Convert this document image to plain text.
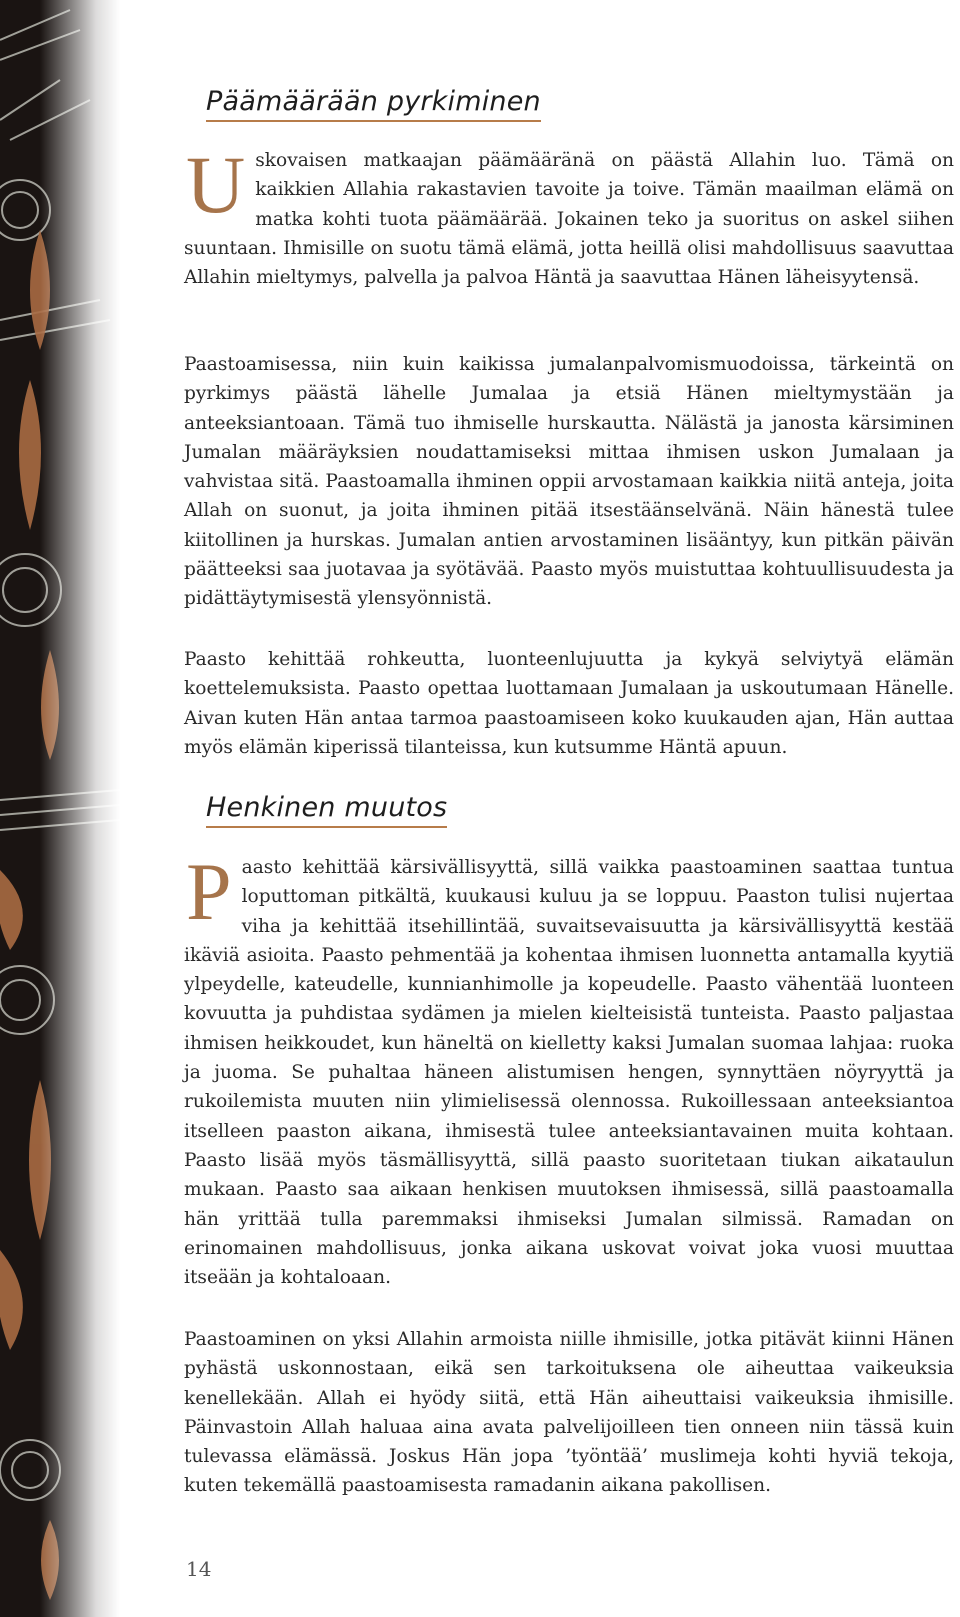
Päämäärään pyrkiminen

Uskovaisen matkaajan päämääränä on päästä Allahin luo. Tämä on kaikkien Allahia rakastavien tavoite ja toive. Tämän maailman elämä on matka kohti tuota päämäärää. Jokainen teko ja suoritus on askel siihen suuntaan. Ihmisille on suotu tämä elämä, jotta heillä olisi mahdollisuus saavuttaa Allahin mieltymys, palvella ja palvoa Häntä ja saavuttaa Hänen läheisyytensä.

Paastoamisessa, niin kuin kaikissa jumalanpalvomismuodoissa, tärkeintä on pyrkimys päästä lähelle Jumalaa ja etsiä Hänen mieltymystään ja anteeksiantoaan. Tämä tuo ihmiselle hurskautta. Nälästä ja janosta kärsiminen Jumalan määräyksien noudattamiseksi mittaa ihmisen uskon Jumalaan ja vahvistaa sitä. Paastoamalla ihminen oppii arvostamaan kaikkia niitä anteja, joita Allah on suonut, ja joita ihminen pitää itsestäänselvänä. Näin hänestä tulee kiitollinen ja hurskas. Jumalan antien arvostaminen lisääntyy, kun pitkän päivän päätteeksi saa juotavaa ja syötävää. Paasto myös muistuttaa kohtuullisuudesta ja pidättäytymisestä ylensyönnistä.

Paasto kehittää rohkeutta, luonteenlujuutta ja kykyä selviytyä elämän koettelemuksista. Paasto opettaa luottamaan Jumalaan ja uskoutumaan Hänelle. Aivan kuten Hän antaa tarmoa paastoamiseen koko kuukauden ajan, Hän auttaa myös elämän kiperissä tilanteissa, kun kutsumme Häntä apuun.

Henkinen muutos

Paasto kehittää kärsivällisyyttä, sillä vaikka paastoaminen saattaa tuntua loputtoman pitkältä, kuukausi kuluu ja se loppuu. Paaston tulisi nujertaa viha ja kehittää itsehillintää, suvaitsevaisuutta ja kärsivällisyyttä kestää ikäviä asioita. Paasto pehmentää ja kohentaa ihmisen luonnetta antamalla kyytiä ylpeydelle, kateudelle, kunnianhimolle ja kopeudelle. Paasto vähentää luonteen kovuutta ja puhdistaa sydämen ja mielen kielteisistä tunteista. Paasto paljastaa ihmisen heikkoudet, kun häneltä on kielletty kaksi Jumalan suomaa lahjaa: ruoka ja juoma. Se puhaltaa häneen alistumisen hengen, synnyttäen nöyryyttä ja rukoilemista muuten niin ylimielisessä olennossa. Rukoillessaan anteeksiantoa itselleen paaston aikana, ihmisestä tulee anteeksiantavainen muita kohtaan. Paasto lisää myös täsmällisyyttä, sillä paasto suoritetaan tiukan aikataulun mukaan. Paasto saa aikaan henkisen muutoksen ihmisessä, sillä paastoamalla hän yrittää tulla paremmaksi ihmiseksi Jumalan silmissä. Ramadan on erinomainen mahdollisuus, jonka aikana uskovat voivat joka vuosi muuttaa itseään ja kohtaloaan.

Paastoaminen on yksi Allahin armoista niille ihmisille, jotka pitävät kiinni Hänen pyhästä uskonnostaan, eikä sen tarkoituksena ole aiheuttaa vaikeuksia kenellekään. Allah ei hyödy siitä, että Hän aiheuttaisi vaikeuksia ihmisille. Päinvastoin Allah haluaa aina avata palvelijoilleen tien onneen niin tässä kuin tulevassa elämässä. Joskus Hän jopa ’työntää’ muslimeja kohti hyviä tekoja, kuten tekemällä paastoamisesta ramadanin aikana pakollisen.

14
